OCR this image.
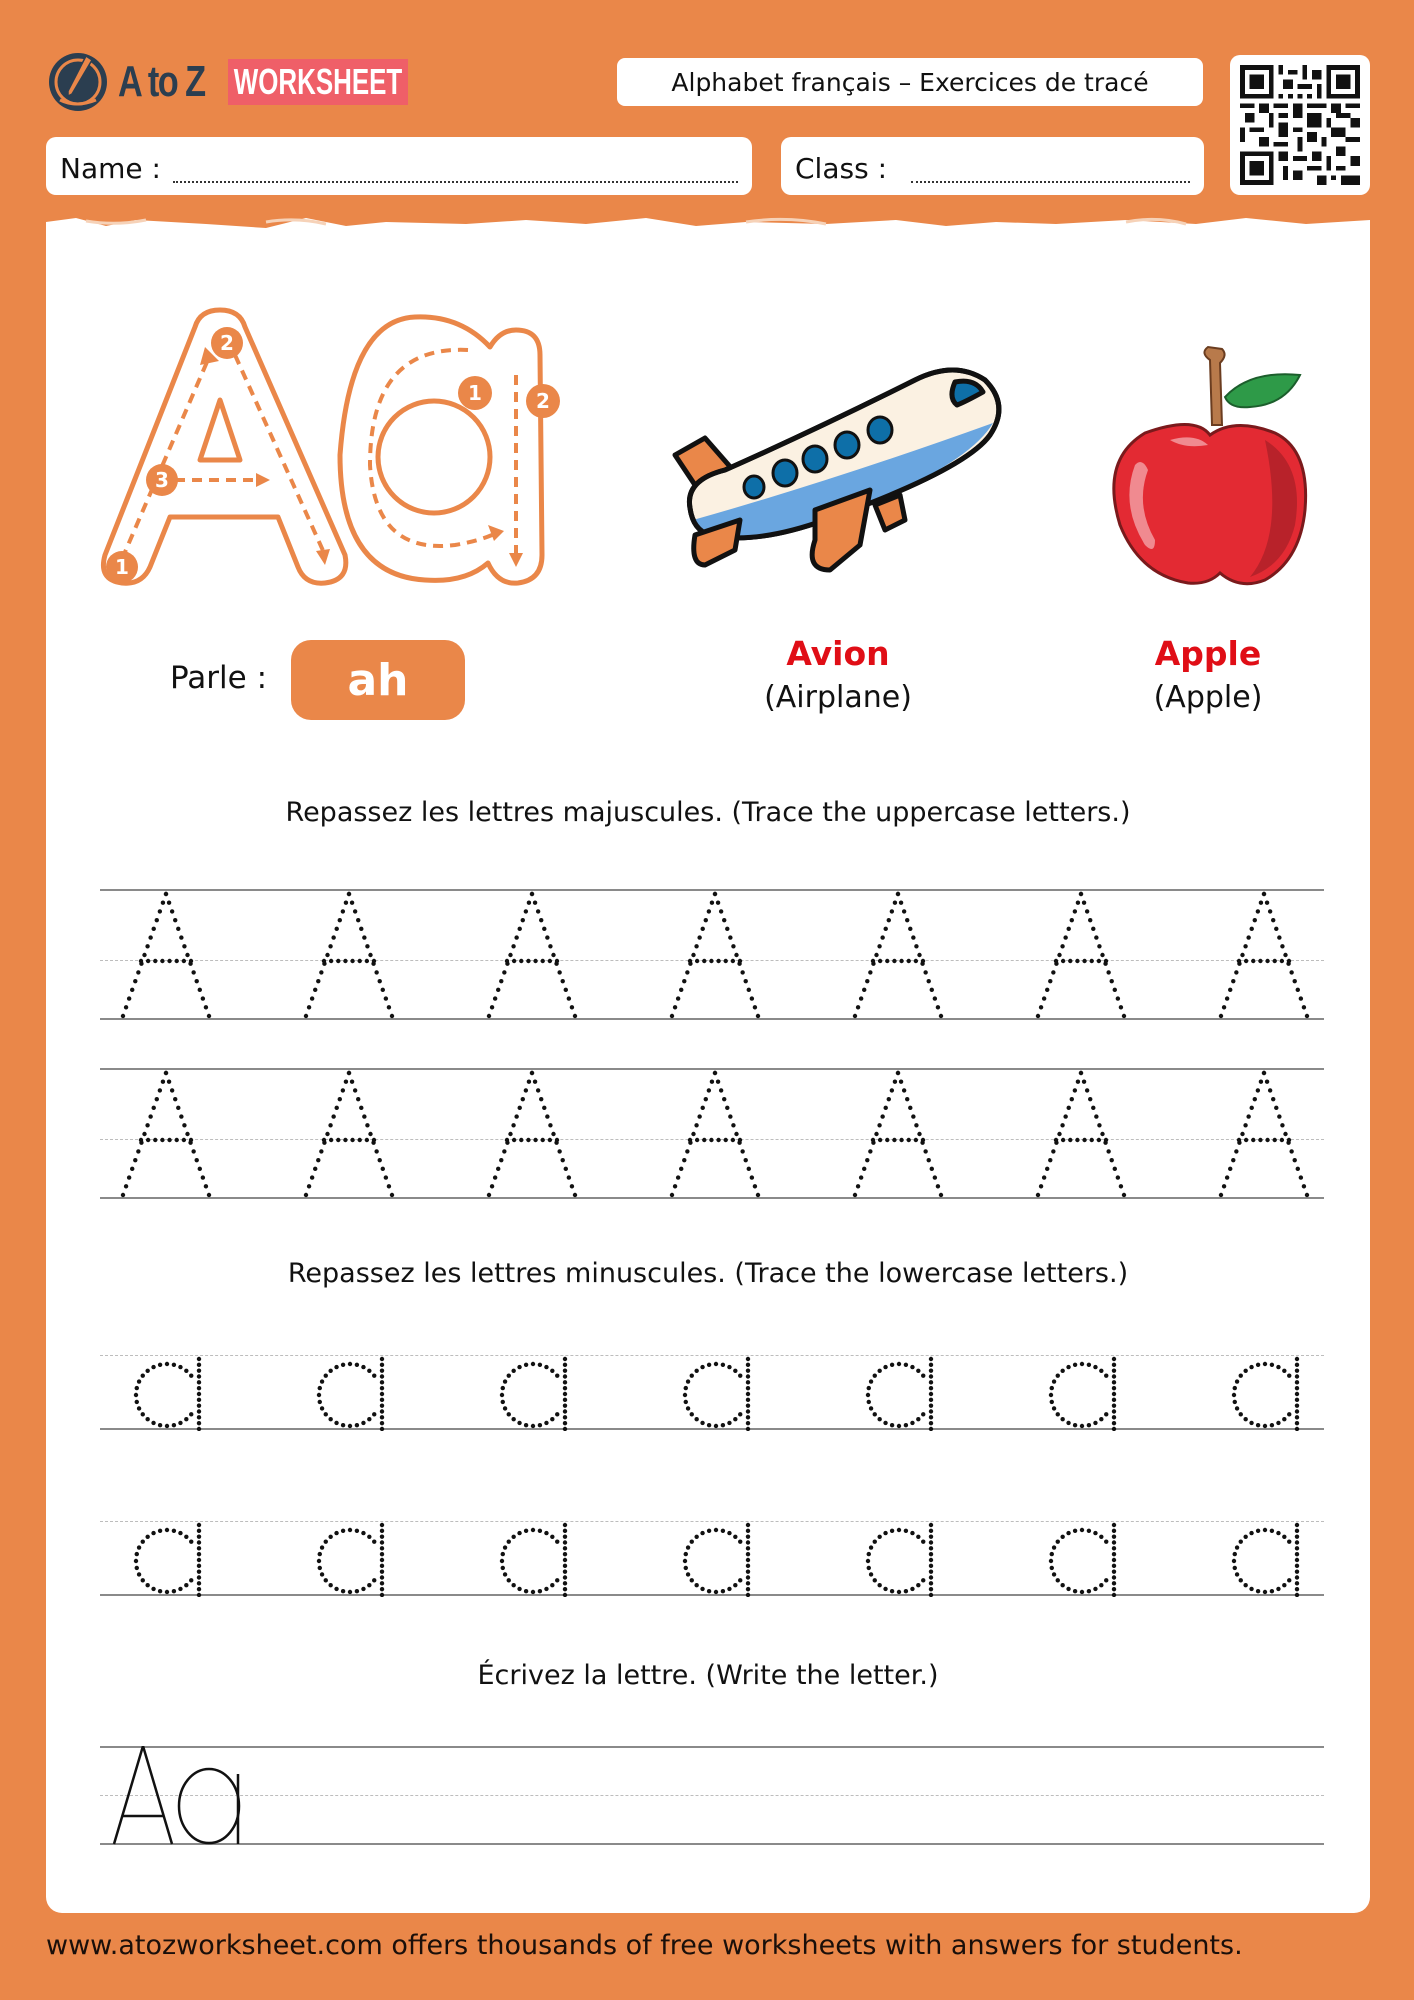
A to Z WORKSHEET	Alphabet français – Exercices de tracé
Name :	Class :
1
2
3
1	2
Parle :	ah
Avion
(Airplane)
Apple
(Apple)
Repassez les lettres majuscules. (Trace the uppercase letters.)
Repassez les lettres minuscules. (Trace the lowercase letters.)
Écrivez la lettre. (Write the letter.)
www.atozworksheet.com offers thousands of free worksheets with answers for students.
